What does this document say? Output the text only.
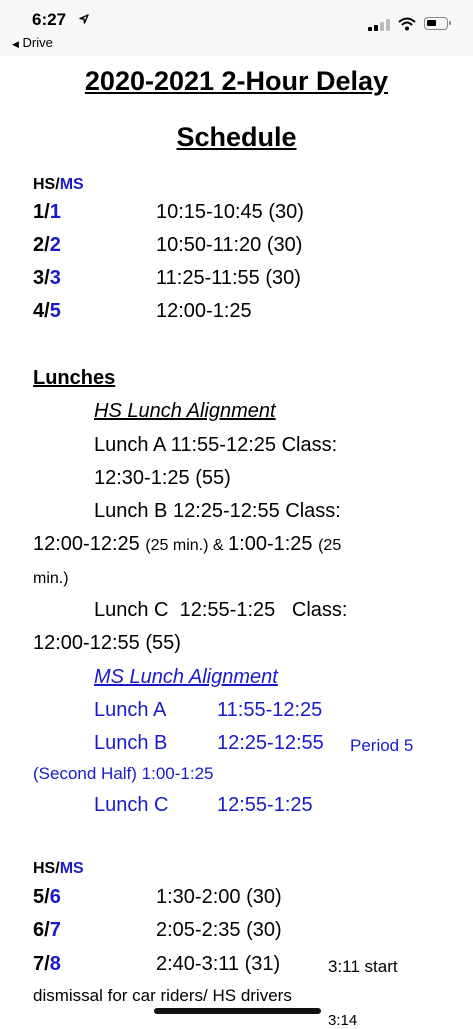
6:27
◀ Drive
2020-2021 2-Hour Delay
Schedule
HS/MS
1/1	10:15-10:45 (30)
2/2	10:50-11:20 (30)
3/3	11:25-11:55 (30)
4/5	12:00-1:25
Lunches
HS Lunch Alignment
Lunch A 11:55-12:25 Class:
12:30-1:25 (55)
Lunch B 12:25-12:55 Class:
12:00-12:25 (25 min.) & 1:00-1:25 (25
min.)
Lunch C  12:55-1:25   Class:
12:00-12:55 (55)
MS Lunch Alignment
Lunch A	11:55-12:25
Lunch B 12:25-12:55 Period 5
(Second Half) 1:00-1:25
Lunch C 12:55-1:25
HS/MS
5/6	1:30-2:00 (30)
6/7	2:05-2:35 (30)
7/8	2:40-3:11 (31)	3:11 start
dismissal for car riders/ HS drivers
3:14
